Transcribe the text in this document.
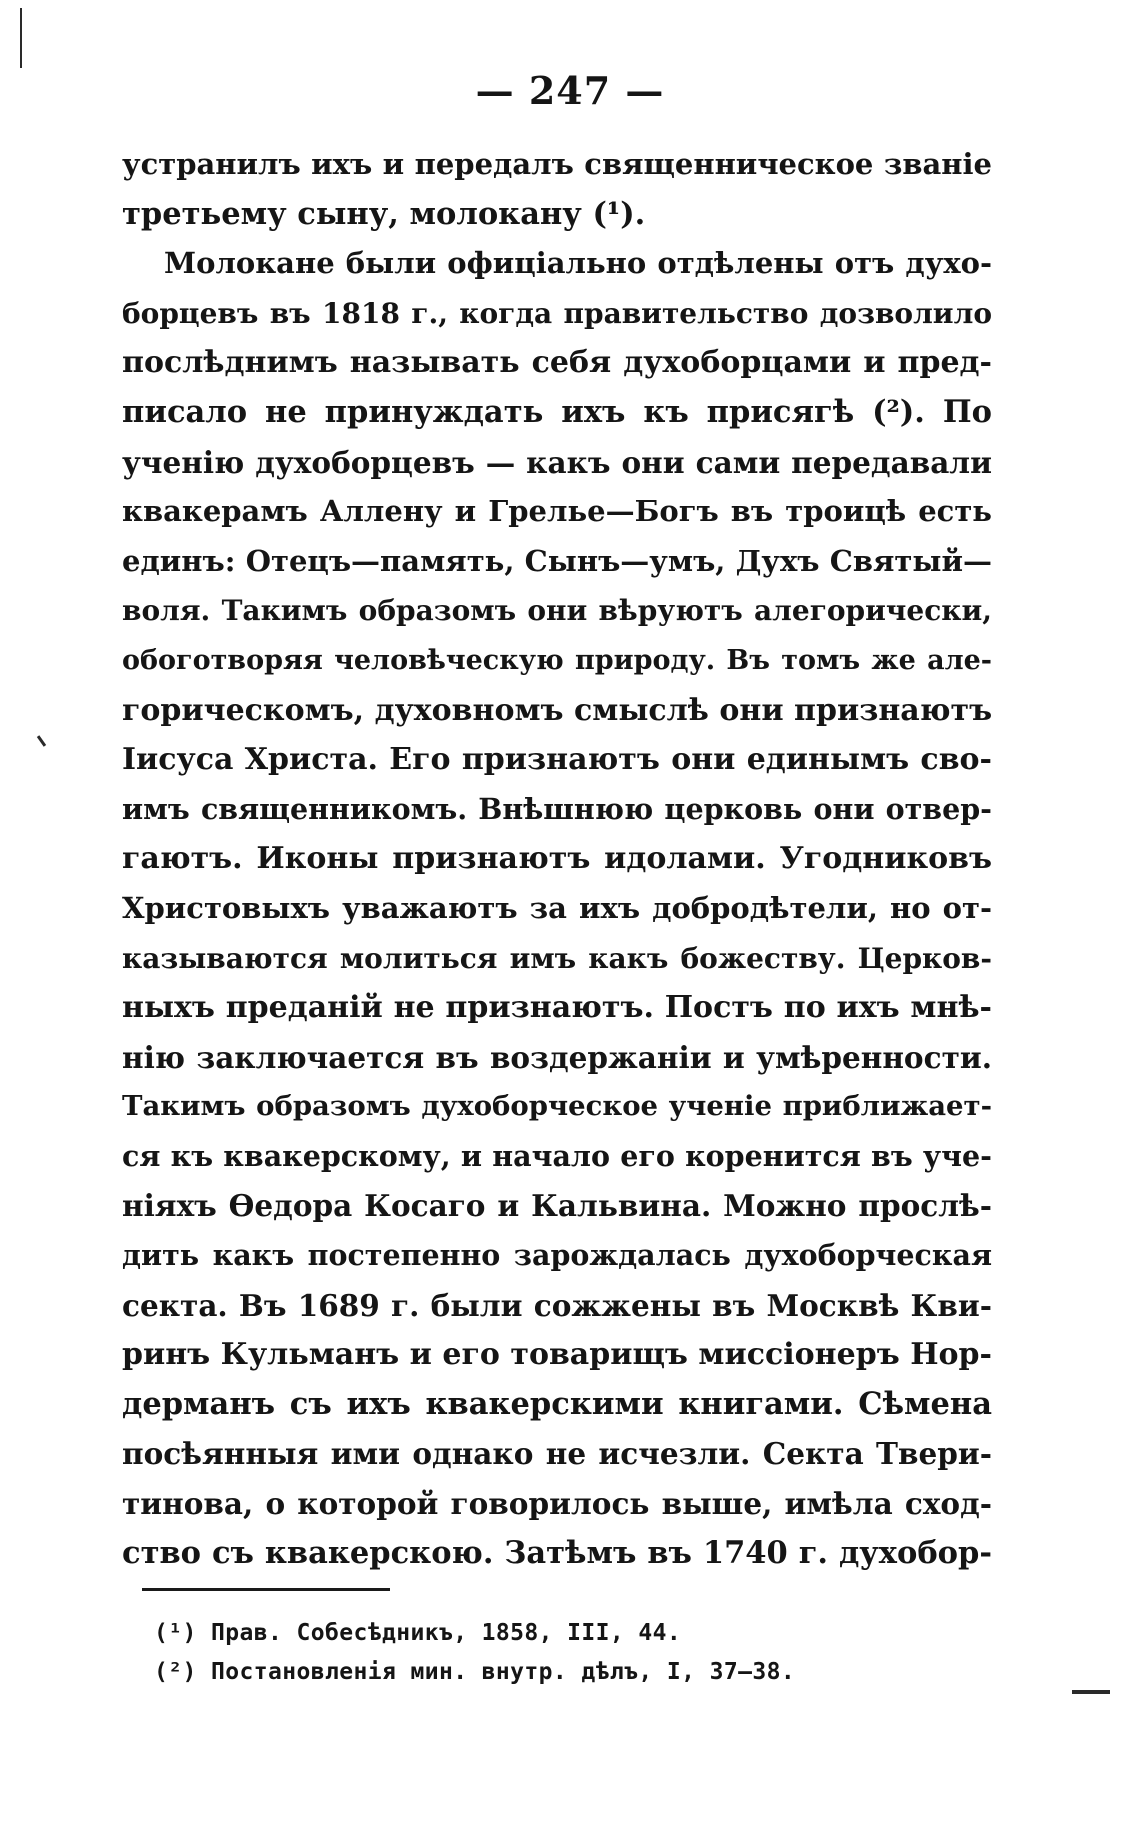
— 247 —
устранилъ ихъ и передалъ священническое званіе
третьему сыну, молокану (¹).
Молокане были офиціально отдѣлены отъ духо-
борцевъ въ 1818 г., когда правительство дозволило
послѣднимъ называть себя духоборцами и пред-
писало не принуждать ихъ къ присягѣ (²). По
ученію духоборцевъ — какъ они сами передавали
квакерамъ Аллену и Грелье—Богъ въ троицѣ есть
единъ: Отецъ—память, Сынъ—умъ, Духъ Святый—
воля. Такимъ образомъ они вѣруютъ алегорически,
обоготворяя человѣческую природу. Въ томъ же але-
горическомъ, духовномъ смыслѣ они признаютъ
Іисуса Христа. Его признаютъ они единымъ сво-
имъ священникомъ. Внѣшнюю церковь они отвер-
гаютъ. Иконы признаютъ идолами. Угодниковъ
Христовыхъ уважаютъ за ихъ добродѣтели, но от-
казываются молиться имъ какъ божеству. Церков-
ныхъ преданій не признаютъ. Постъ по ихъ мнѣ-
нію заключается въ воздержаніи и умѣренности.
Такимъ образомъ духоборческое ученіе приближает-
ся къ квакерскому, и начало его коренится въ уче-
ніяхъ Ѳедора Косаго и Кальвина. Можно прослѣ-
дить какъ постепенно зарождалась духоборческая
секта. Въ 1689 г. были сожжены въ Москвѣ Кви-
ринъ Кульманъ и его товарищъ миссіонеръ Нор-
дерманъ съ ихъ квакерскими книгами. Сѣмена
посѣянныя ими однако не исчезли. Секта Твери-
тинова, о которой говорилось выше, имѣла сход-
ство съ квакерскою. Затѣмъ въ 1740 г. духобор-
(¹) Прав. Собесѣдникъ, 1858, III, 44.
(²) Постановленія мин. внутр. дѣлъ, I, 37—38.
